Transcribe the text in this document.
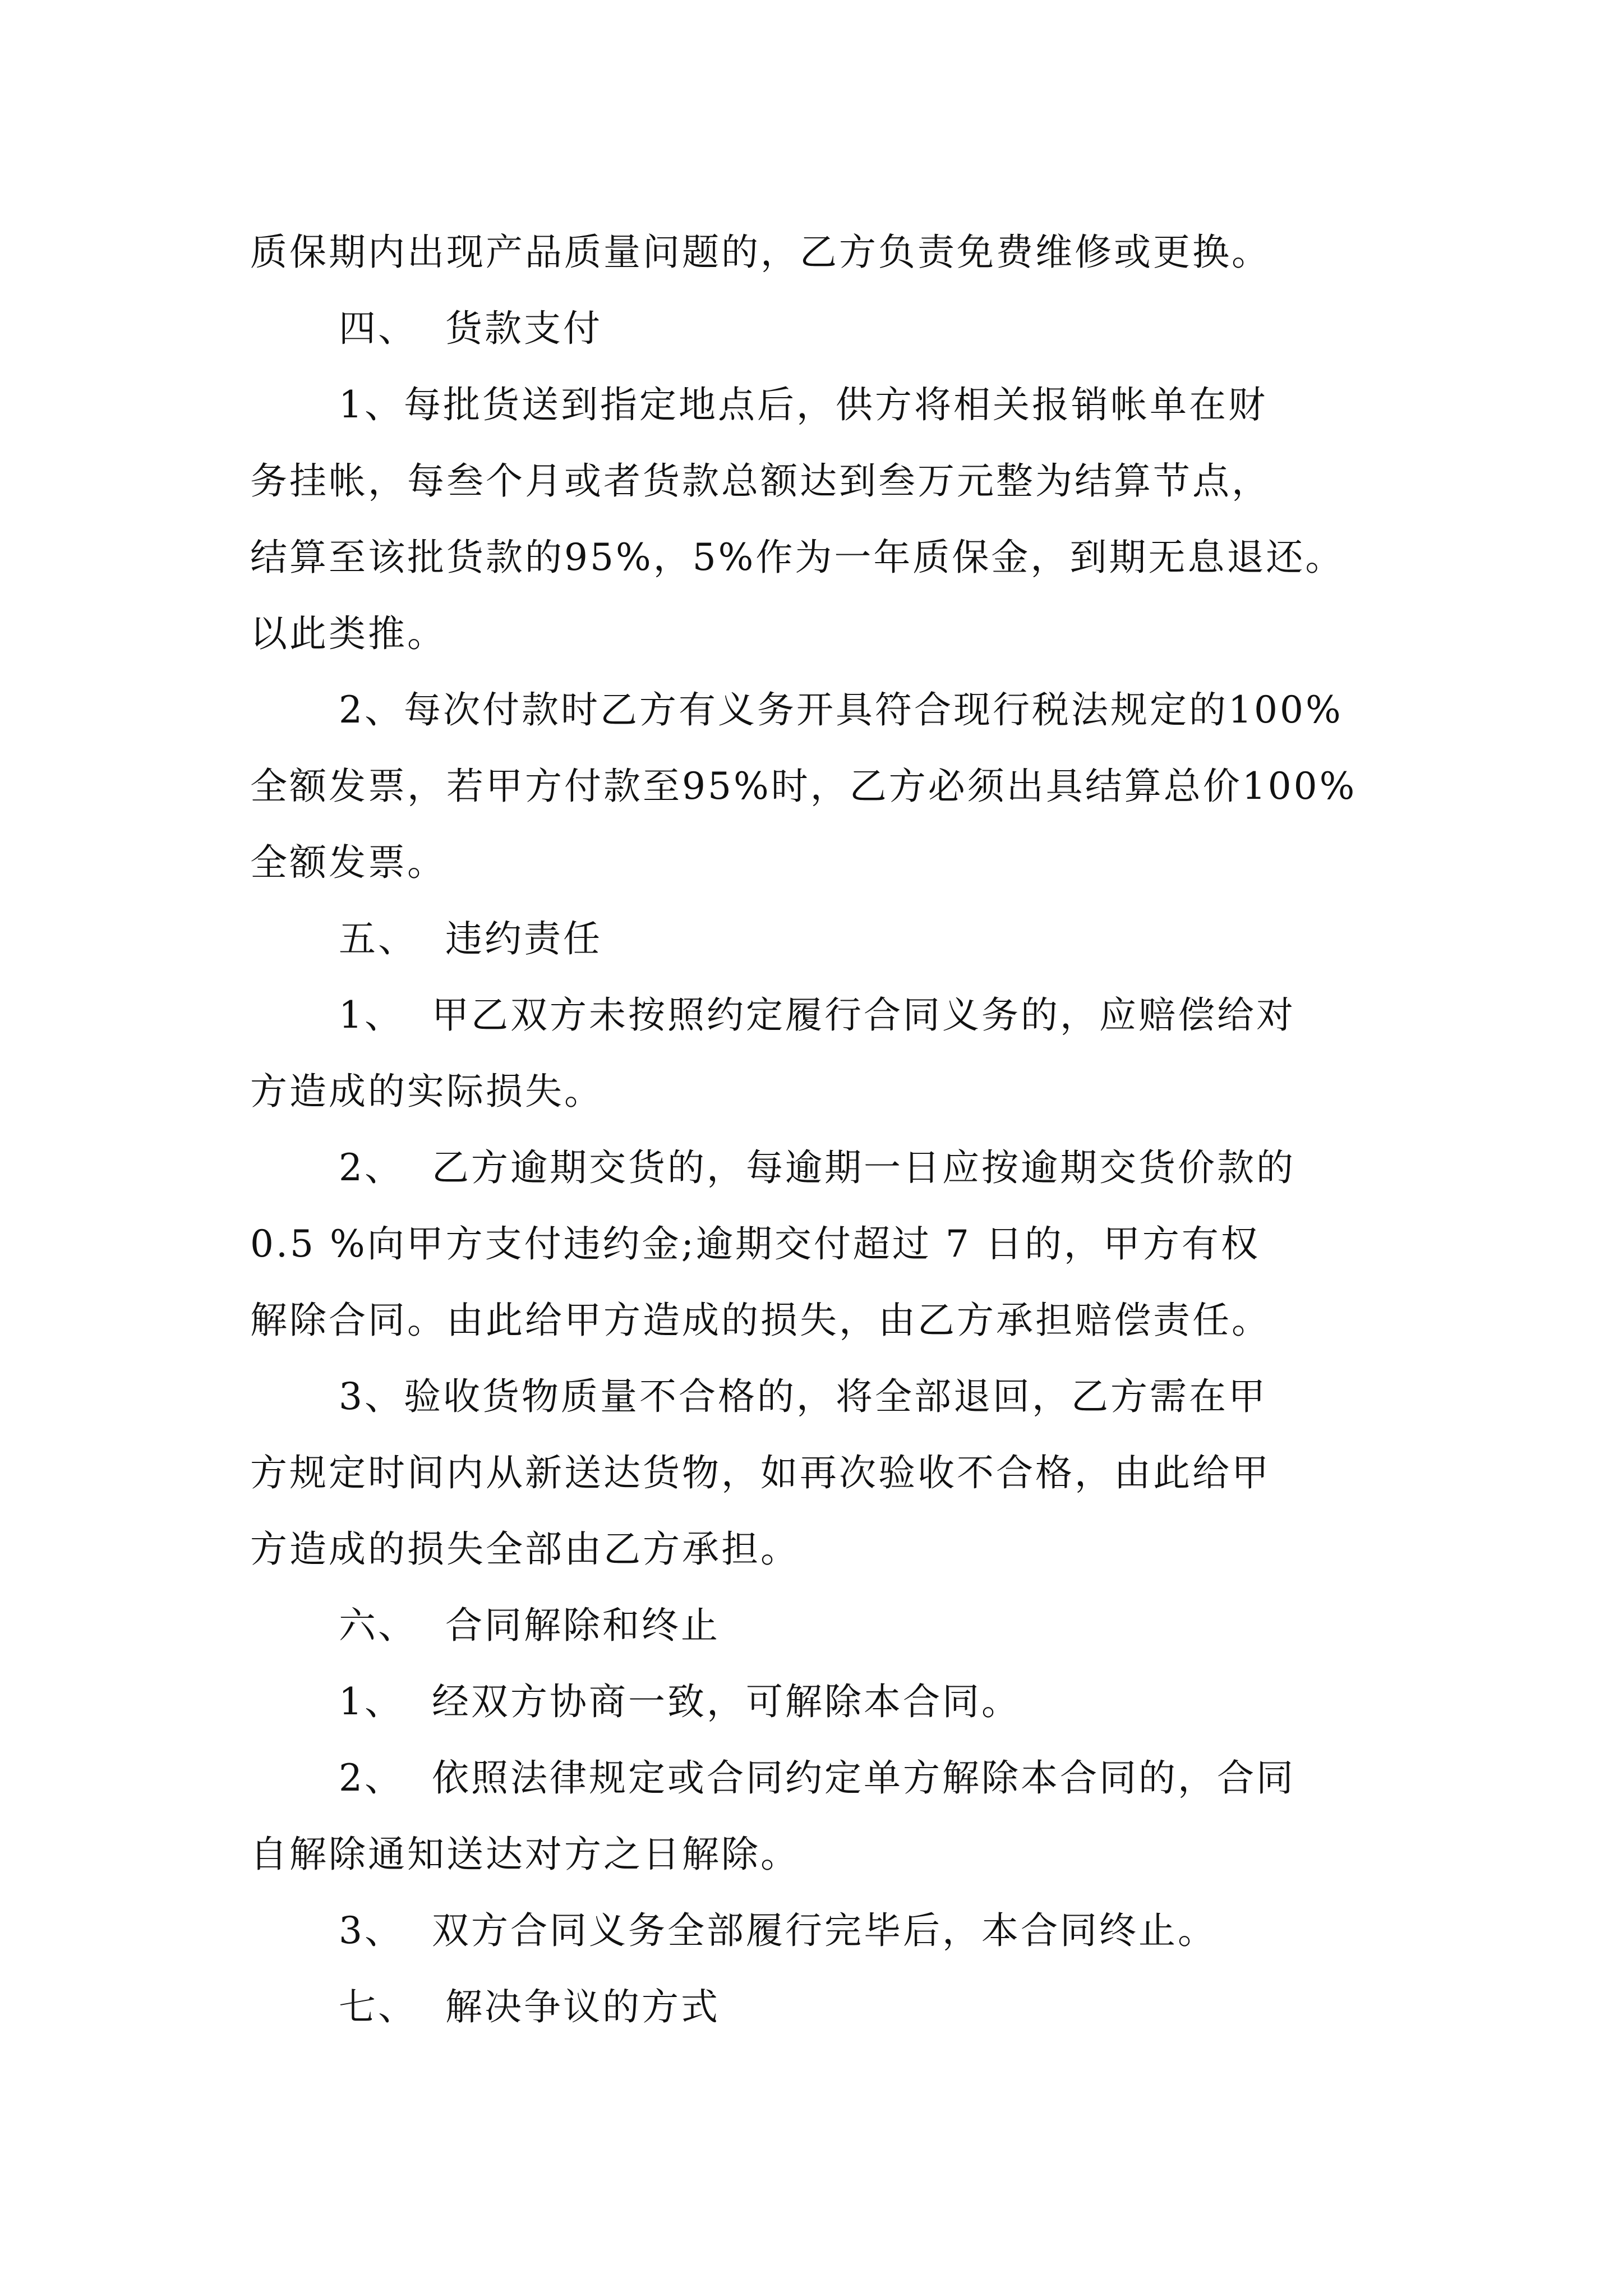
质保期内出现产品质量问题的，乙方负责免费维修或更换。
四、  货款支付
1、每批货送到指定地点后，供方将相关报销帐单在财
务挂帐，每叁个月或者货款总额达到叁万元整为结算节点，
结算至该批货款的95%，5%作为一年质保金，到期无息退还。
以此类推。
2、每次付款时乙方有义务开具符合现行税法规定的100%
全额发票，若甲方付款至95%时，乙方必须出具结算总价100%
全额发票。
五、  违约责任
1、  甲乙双方未按照约定履行合同义务的，应赔偿给对
方造成的实际损失。
2、  乙方逾期交货的，每逾期一日应按逾期交货价款的
0.5 %向甲方支付违约金;逾期交付超过 7 日的，甲方有权
解除合同。由此给甲方造成的损失，由乙方承担赔偿责任。
3、验收货物质量不合格的，将全部退回，乙方需在甲
方规定时间内从新送达货物，如再次验收不合格，由此给甲
方造成的损失全部由乙方承担。
六、  合同解除和终止
1、  经双方协商一致，可解除本合同。
2、  依照法律规定或合同约定单方解除本合同的，合同
自解除通知送达对方之日解除。
3、  双方合同义务全部履行完毕后，本合同终止。
七、  解决争议的方式
